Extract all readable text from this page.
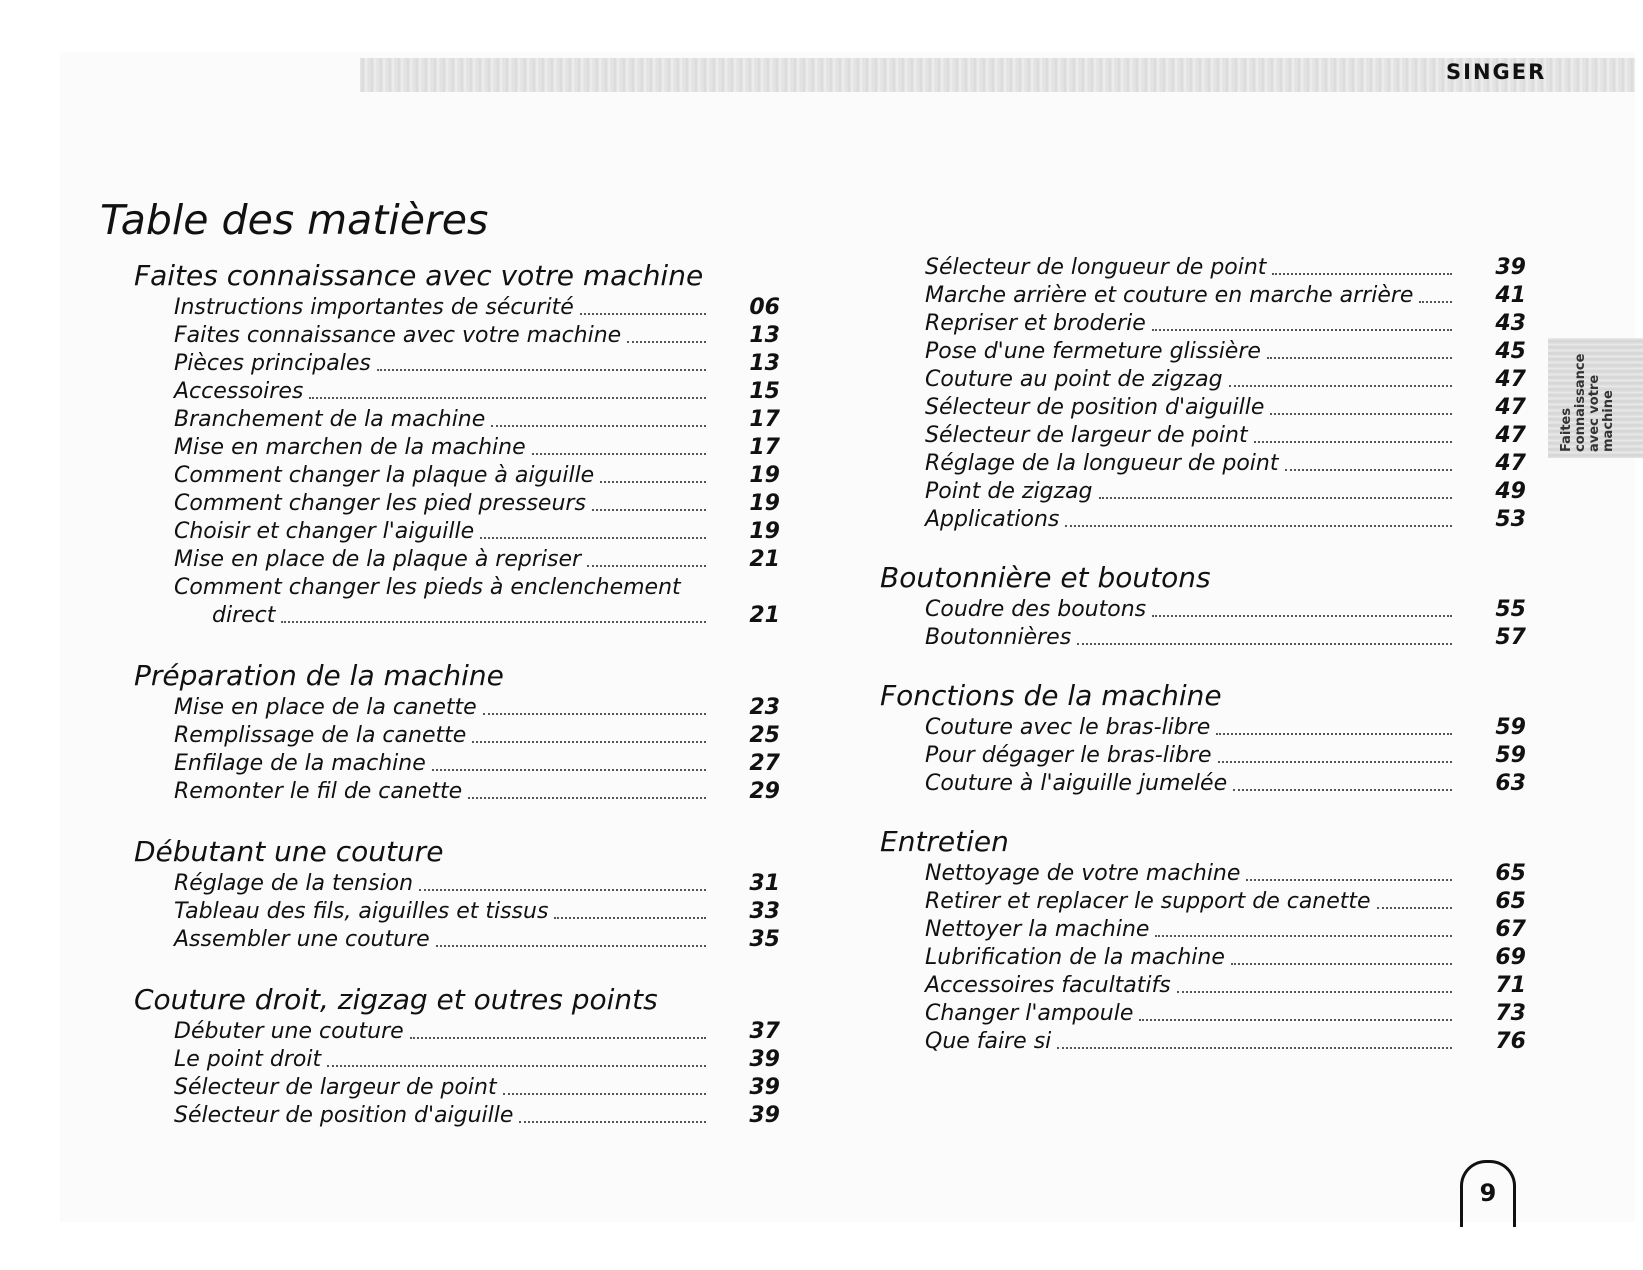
SINGER
Table des matières
Faites connaissance avec votre machine
Instructions importantes de sécurité	06
Faites connaissance avec votre machine	13
Pièces principales	13
Accessoires	15
Branchement de la machine	17
Mise en marchen de la machine	17
Comment changer la plaque à aiguille	19
Comment changer les pied presseurs	19
Choisir et changer l'aiguille	19
Mise en place de la plaque à repriser	21
Comment changer les pieds à enclenchement
direct	21
Préparation de la machine
Mise en place de la canette	23
Remplissage de la canette	25
Enfilage de la machine	27
Remonter le fil de canette	29
Débutant une couture
Réglage de la tension	31
Tableau des fils, aiguilles et tissus	33
Assembler une couture	35
Couture droit, zigzag et outres points
Débuter une couture	37
Le point droit	39
Sélecteur de largeur de point	39
Sélecteur de position d'aiguille	39
Sélecteur de longueur de point	39
Marche arrière et couture en marche arrière	41
Repriser et broderie	43
Pose d'une fermeture glissière	45
Couture au point de zigzag	47
Sélecteur de position d'aiguille	47
Sélecteur de largeur de point	47
Réglage de la longueur de point	47
Point de zigzag	49
Applications	53
Boutonnière et boutons
Coudre des boutons	55
Boutonnières	57
Fonctions de la machine
Couture avec le bras-libre	59
Pour dégager le bras-libre	59
Couture à l'aiguille jumelée	63
Entretien
Nettoyage de votre machine	65
Retirer et replacer le support de canette	65
Nettoyer la machine	67
Lubrification de la machine	69
Accessoires facultatifs	71
Changer l'ampoule	73
Que faire si	76
Faites connaissance avec votre machine
9
